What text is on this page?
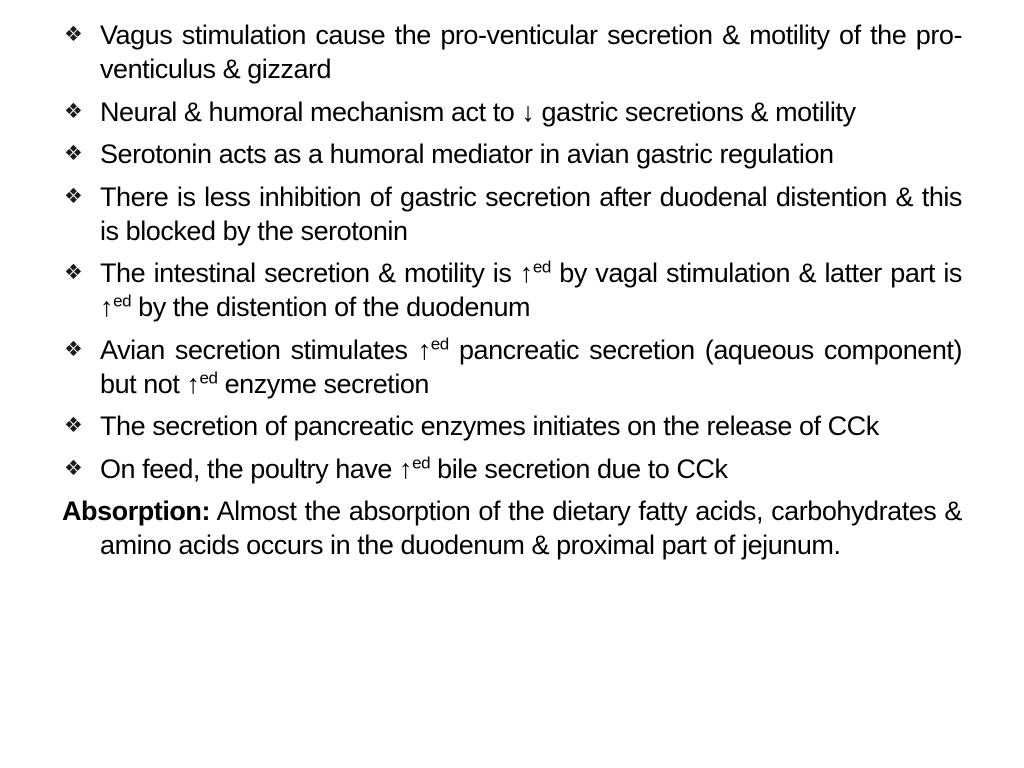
❖ Vagus stimulation cause the pro-venticular secretion & motility of the pro-venticulus & gizzard
❖ Neural & humoral mechanism act to ↓ gastric secretions & motility
❖ Serotonin acts as a humoral mediator in avian gastric regulation
❖ There is less inhibition of gastric secretion after duodenal distention & this is blocked by the serotonin
❖ The intestinal secretion & motility is ↑$^{ed}$ by vagal stimulation & latter part is ↑$^{ed}$ by the distention of the duodenum
❖ Avian secretion stimulates ↑$^{ed}$ pancreatic secretion (aqueous component) but not ↑$^{ed}$ enzyme secretion
❖ The secretion of pancreatic enzymes initiates on the release of CCk
❖ On feed, the poultry have ↑$^{ed}$ bile secretion due to CCk

Absorption: Almost the absorption of the dietary fatty acids, carbohydrates & amino acids occurs in the duodenum & proximal part of jejunum.
